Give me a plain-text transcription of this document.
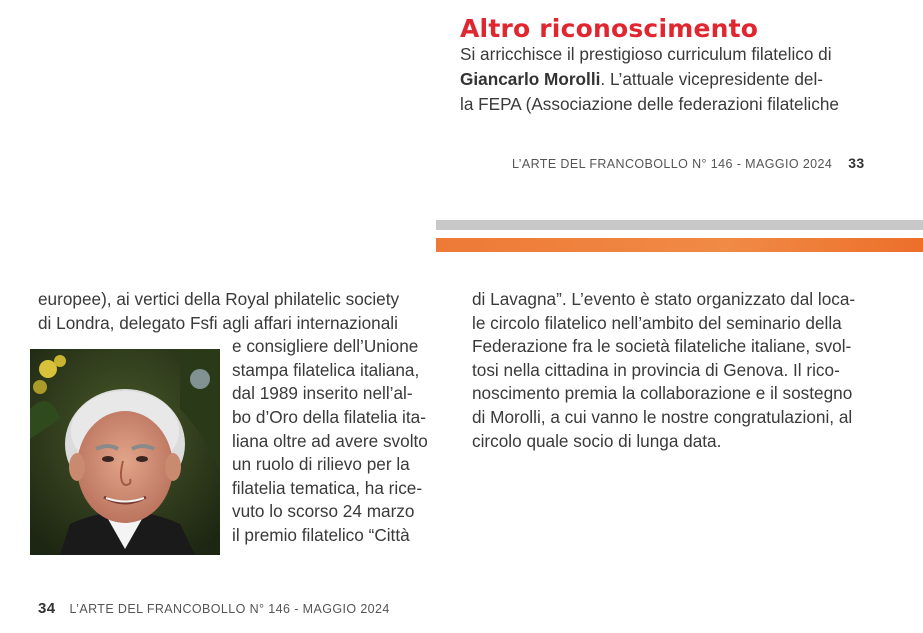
Altro riconoscimento

Si arricchisce il prestigioso curriculum filatelico di
Giancarlo Morolli. L’attuale vicepresidente del-
la FEPA (Associazione delle federazioni filateliche

L’ARTE DEL FRANCOBOLLO N° 146 - MAGGIO 2024 33
europee), ai vertici della Royal philatelic society
di Londra, delegato Fsfi agli affari internazionali
e consigliere dell’Unione
stampa filatelica italiana,
dal 1989 inserito nell’al-
bo d’Oro della filatelia ita-
liana oltre ad avere svolto
un ruolo di rilievo per la
filatelia tematica, ha rice-
vuto lo scorso 24 marzo
il premio filatelico “Città
di Lavagna”. L’evento è stato organizzato dal loca-
le circolo filatelico nell’ambito del seminario della
Federazione fra le società filateliche italiane, svol-
tosi nella cittadina in provincia di Genova. Il rico-
noscimento premia la collaborazione e il sostegno
di Morolli, a cui vanno le nostre congratulazioni, al
circolo quale socio di lunga data.
34 L’ARTE DEL FRANCOBOLLO N° 146 - MAGGIO 2024
